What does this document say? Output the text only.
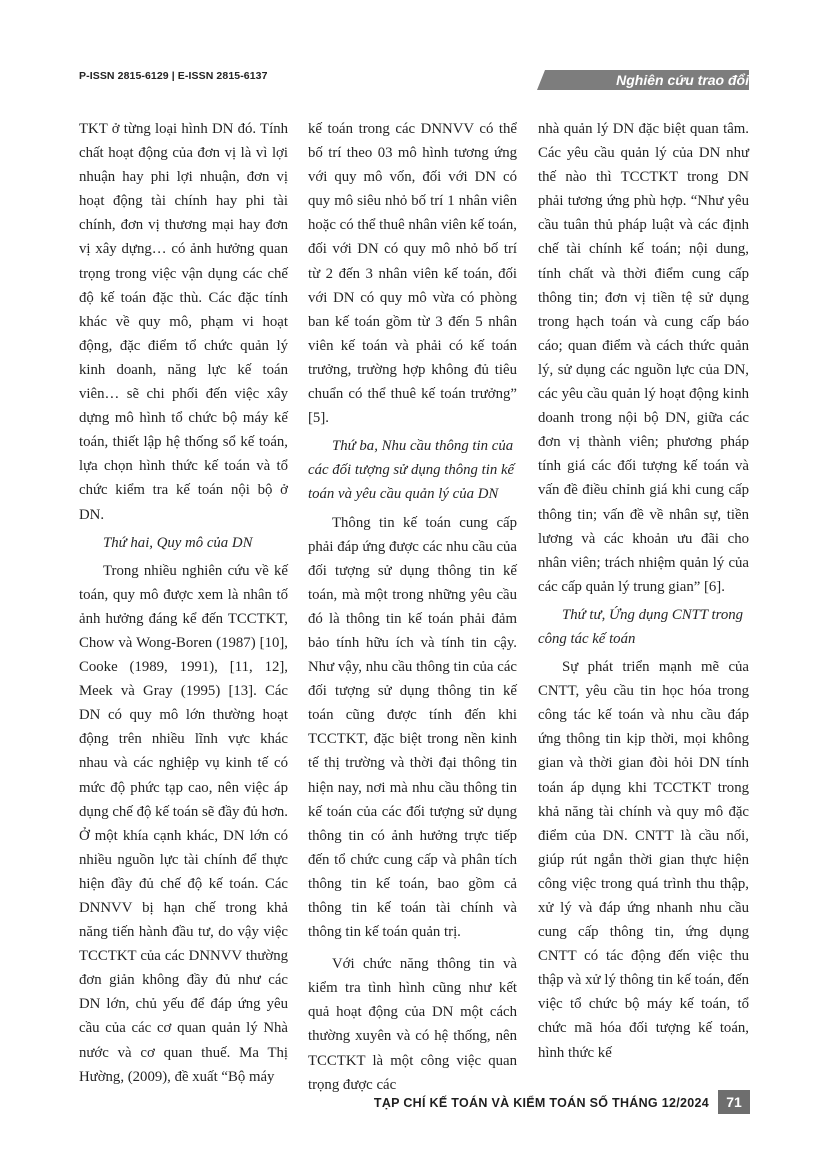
P-ISSN 2815-6129 | E-ISSN 2815-6137	Nghiên cứu trao đổi

TKT ở từng loại hình DN đó. Tính chất hoạt động của đơn vị là vì lợi nhuận hay phi lợi nhuận, đơn vị hoạt động tài chính hay phi tài chính, đơn vị thương mại hay đơn vị xây dựng… có ảnh hưởng quan trọng trong việc vận dụng các chế độ kế toán đặc thù. Các đặc tính khác về quy mô, phạm vi hoạt động, đặc điểm tổ chức quản lý kinh doanh, năng lực kế toán viên… sẽ chi phối đến việc xây dựng mô hình tổ chức bộ máy kế toán, thiết lập hệ thống sổ kế toán, lựa chọn hình thức kế toán và tổ chức kiểm tra kế toán nội bộ ở DN.

Thứ hai, Quy mô của DN

Trong nhiều nghiên cứu về kế toán, quy mô được xem là nhân tố ảnh hưởng đáng kể đến TCCTKT, Chow và Wong-Boren (1987) [10], Cooke (1989, 1991), [11, 12], Meek và Gray (1995) [13]. Các DN có quy mô lớn thường hoạt động trên nhiều lĩnh vực khác nhau và các nghiệp vụ kinh tế có mức độ phức tạp cao, nên việc áp dụng chế độ kế toán sẽ đầy đủ hơn. Ở một khía cạnh khác, DN lớn có nhiều nguồn lực tài chính để thực hiện đầy đủ chế độ kế toán. Các DNNVV bị hạn chế trong khả năng tiến hành đầu tư, do vậy việc TCCTKT của các DNNVV thường đơn giản không đầy đủ như các DN lớn, chủ yếu để đáp ứng yêu cầu của các cơ quan quản lý Nhà nước và cơ quan thuế. Ma Thị Hường, (2009), đề xuất “Bộ máy

kế toán trong các DNNVV có thể bố trí theo 03 mô hình tương ứng với quy mô vốn, đối với DN có quy mô siêu nhỏ bố trí 1 nhân viên hoặc có thể thuê nhân viên kế toán, đối với DN có quy mô nhỏ bố trí từ 2 đến 3 nhân viên kế toán, đối với DN có quy mô vừa có phòng ban kế toán gồm từ 3 đến 5 nhân viên kế toán và phải có kế toán trưởng, trường hợp không đủ tiêu chuẩn có thể thuê kế toán trưởng” [5].

Thứ ba, Nhu cầu thông tin của các đối tượng sử dụng thông tin kế toán và yêu cầu quản lý của DN

Thông tin kế toán cung cấp phải đáp ứng được các nhu cầu của đối tượng sử dụng thông tin kế toán, mà một trong những yêu cầu đó là thông tin kế toán phải đảm bảo tính hữu ích và tính tin cậy. Như vậy, nhu cầu thông tin của các đối tượng sử dụng thông tin kế toán cũng được tính đến khi TCCTKT, đặc biệt trong nền kinh tế thị trường và thời đại thông tin hiện nay, nơi mà nhu cầu thông tin kế toán của các đối tượng sử dụng thông tin có ảnh hưởng trực tiếp đến tổ chức cung cấp và phân tích thông tin kế toán, bao gồm cả thông tin kế toán tài chính và thông tin kế toán quản trị.

Với chức năng thông tin và kiểm tra tình hình cũng như kết quả hoạt động của DN một cách thường xuyên và có hệ thống, nên TCCTKT là một công việc quan trọng được các

nhà quản lý DN đặc biệt quan tâm. Các yêu cầu quản lý của DN như thế nào thì TCCTKT trong DN phải tương ứng phù hợp. “Như yêu cầu tuân thủ pháp luật và các định chế tài chính kế toán; nội dung, tính chất và thời điểm cung cấp thông tin; đơn vị tiền tệ sử dụng trong hạch toán và cung cấp báo cáo; quan điểm và cách thức quản lý, sử dụng các nguồn lực của DN, các yêu cầu quản lý hoạt động kinh doanh trong nội bộ DN, giữa các đơn vị thành viên; phương pháp tính giá các đối tượng kế toán và vấn đề điều chỉnh giá khi cung cấp thông tin; vấn đề về nhân sự, tiền lương và các khoản ưu đãi cho nhân viên; trách nhiệm quản lý của các cấp quản lý trung gian” [6].

Thứ tư, Ứng dụng CNTT trong công tác kế toán

Sự phát triển mạnh mẽ của CNTT, yêu cầu tin học hóa trong công tác kế toán và nhu cầu đáp ứng thông tin kịp thời, mọi không gian và thời gian đòi hỏi DN tính toán áp dụng khi TCCTKT trong khả năng tài chính và quy mô đặc điểm của DN. CNTT là cầu nối, giúp rút ngắn thời gian thực hiện công việc trong quá trình thu thập, xử lý và đáp ứng nhanh nhu cầu cung cấp thông tin, ứng dụng CNTT có tác động đến việc thu thập và xử lý thông tin kế toán, đến việc tổ chức bộ máy kế toán, tổ chức mã hóa đối tượng kế toán, hình thức kế

TẠP CHÍ KẾ TOÁN VÀ KIỂM TOÁN SỐ THÁNG 12/2024	71
